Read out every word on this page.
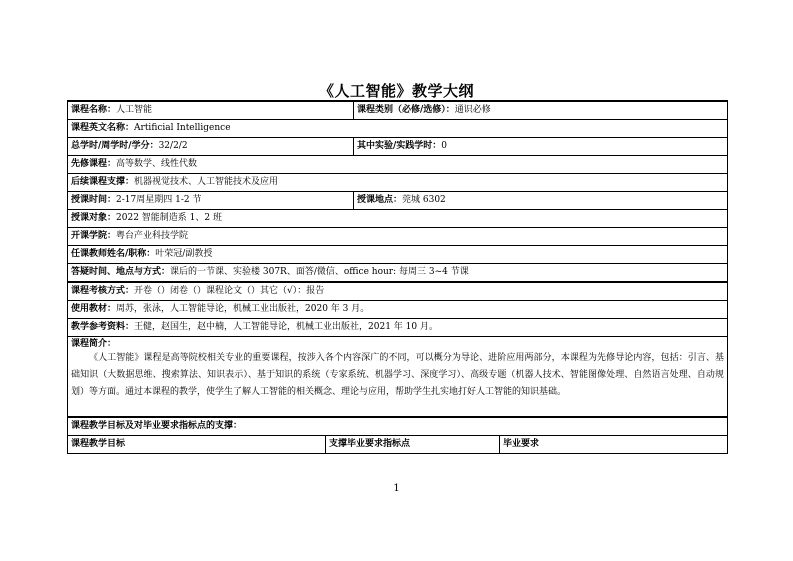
《人工智能》教学大纲
课程名称：人工智能		课程类别（必修/选修）：通识必修	
课程英文名称：Artificial Intelligence			
总学时/周学时/学分：32/2/2		其中实验/实践学时：0	
先修课程：高等数学、线性代数			
后续课程支撑：机器视觉技术、人工智能技术及应用			
授课时间：2-17周星期四 1-2 节		授课地点：莞城 6302	
授课对象：2022 智能制造系 1、2 班			
开课学院：粤台产业科技学院			
任课教师姓名/职称：叶荣冠/副教授			
答疑时间、地点与方式：课后的一节课、实验楼 307R、面答/微信、office hour: 每周三 3~4 节课			
课程考核方式：开卷（）闭卷（）课程论文（）其它（√）：报告			
使用教材：周苏，张泳，人工智能导论，机械工业出版社，2020 年 3 月。			
教学参考资料：王健，赵国生，赵中楠，人工智能导论，机械工业出版社，2021 年 10 月。			

课程简介：

《人工智能》课程是高等院校相关专业的重要课程，按涉入各个内容深广的不同，可以概分为导论、进阶应用两部分，本课程为先修导论内容，包括：引言、基础知识（大数据思维、搜索算法、知识表示）、基于知识的系统（专家系统、机器学习、深度学习）、高级专题（机器人技术、智能图像处理、自然语言处理、自动规划）等方面。通过本课程的教学，使学生了解人工智能的相关概念、理论与应用，帮助学生扎实地打好人工智能的知识基础。			

课程教学目标及对毕业要求指标点的支撑：			
课程教学目标	支撑毕业要求指标点		毕业要求
1
